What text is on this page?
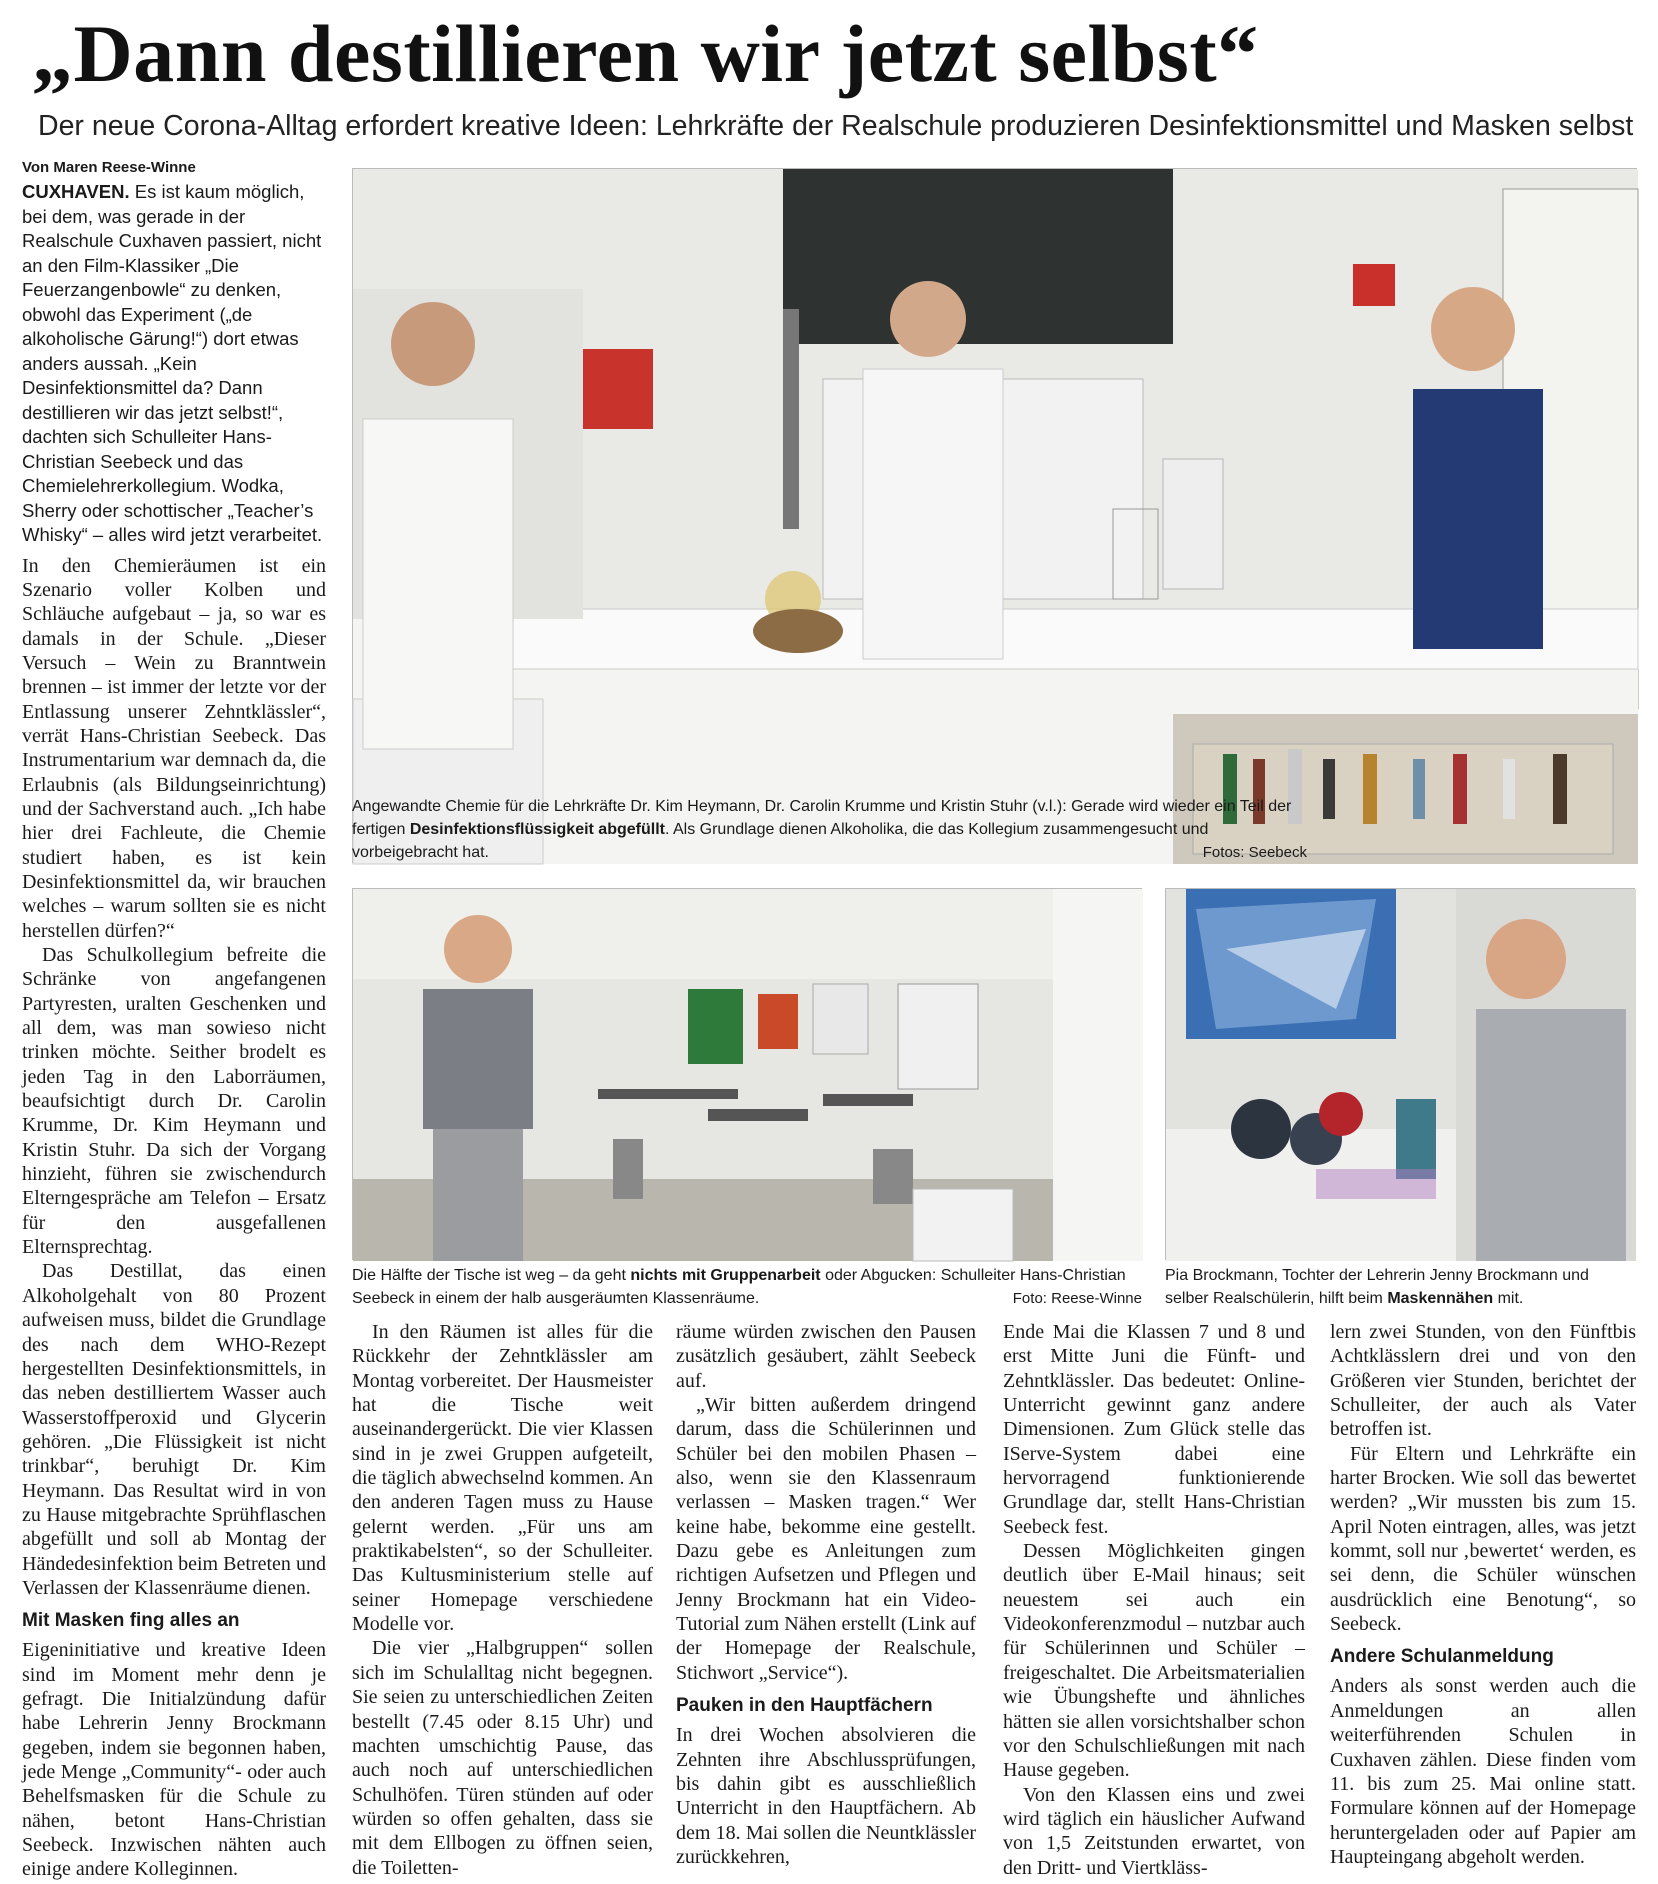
„Dann destillieren wir jetzt selbst“
Der neue Corona-Alltag erfordert kreative Ideen: Lehrkräfte der Realschule produzieren Desinfektionsmittel und Masken selbst
Von Maren Reese-Winne

CUXHAVEN. Es ist kaum möglich, bei dem, was gerade in der Realschule Cuxhaven passiert, nicht an den Film-Klassiker „Die Feuerzangenbowle“ zu denken, obwohl das Experiment („de alkoholische Gärung!“) dort etwas anders aussah. „Kein Desinfektionsmittel da? Dann destillieren wir das jetzt selbst!“, dachten sich Schulleiter Hans-Christian Seebeck und das Chemielehrerkollegium. Wodka, Sherry oder schottischer „Teacher’s Whisky“ – alles wird jetzt verarbeitet.

In den Chemieräumen ist ein Szenario voller Kolben und Schläuche aufgebaut – ja, so war es damals in der Schule. „Dieser Versuch – Wein zu Branntwein brennen – ist immer der letzte vor der Entlassung unserer Zehntklässler“, verrät Hans-Christian Seebeck. Das Instrumentarium war demnach da, die Erlaubnis (als Bildungseinrichtung) und der Sachverstand auch. „Ich habe hier drei Fachleute, die Chemie studiert haben, es ist kein Desinfektionsmittel da, wir brauchen welches – warum sollten sie es nicht herstellen dürfen?“

Das Schulkollegium befreite die Schränke von angefangenen Partyresten, uralten Geschenken und all dem, was man sowieso nicht trinken möchte. Seither brodelt es jeden Tag in den Laborräumen, beaufsichtigt durch Dr. Carolin Krumme, Dr. Kim Heymann und Kristin Stuhr. Da sich der Vorgang hinzieht, führen sie zwischendurch Elterngespräche am Telefon – Ersatz für den ausgefallenen Elternsprechtag.

Das Destillat, das einen Alkoholgehalt von 80 Prozent aufweisen muss, bildet die Grundlage des nach dem WHO-Rezept hergestellten Desinfektionsmittels, in das neben destilliertem Wasser auch Wasserstoffperoxid und Glycerin gehören. „Die Flüssigkeit ist nicht trinkbar“, beruhigt Dr. Kim Heymann. Das Resultat wird in von zu Hause mitgebrachte Sprühflaschen abgefüllt und soll ab Montag der Händedesinfektion beim Betreten und Verlassen der Klassenräume dienen.

Mit Masken fing alles an

Eigeninitiative und kreative Ideen sind im Moment mehr denn je gefragt. Die Initialzündung dafür habe Lehrerin Jenny Brockmann gegeben, indem sie begonnen haben, jede Menge „Community“- oder auch Behelfsmasken für die Schule zu nähen, betont Hans-Christian Seebeck. Inzwischen nähten auch einige andere Kolleginnen.

Angewandte Chemie für die Lehrkräfte Dr. Kim Heymann, Dr. Carolin Krumme und Kristin Stuhr (v.l.): Gerade wird wieder ein Teil der fertigen Desinfektionsflüssigkeit abgefüllt. Als Grundlage dienen Alkoholika, die das Kollegium zusammengesucht und vorbeigebracht hat.	Fotos: Seebeck
Die Hälfte der Tische ist weg – da geht nichts mit Gruppenarbeit oder Abgucken: Schulleiter Hans-Christian Seebeck in einem der halb ausgeräumten Klassenräume.	Foto: Reese-Winne
Pia Brockmann, Tochter der Lehrerin Jenny Brockmann und selber Realschülerin, hilft beim Maskennähen mit.

In den Räumen ist alles für die Rückkehr der Zehntklässler am Montag vorbereitet. Der Hausmeister hat die Tische weit auseinandergerückt. Die vier Klassen sind in je zwei Gruppen aufgeteilt, die täglich abwechselnd kommen. An den anderen Tagen muss zu Hause gelernt werden. „Für uns am praktikabelsten“, so der Schulleiter. Das Kultusministerium stelle auf seiner Homepage verschiedene Modelle vor.

Die vier „Halbgruppen“ sollen sich im Schulalltag nicht begegnen. Sie seien zu unterschiedlichen Zeiten bestellt (7.45 oder 8.15 Uhr) und machten umschichtig Pause, das auch noch auf unterschiedlichen Schulhöfen. Türen stünden auf oder würden so offen gehalten, dass sie mit dem Ellbogen zu öffnen seien, die Toiletten-

räume würden zwischen den Pausen zusätzlich gesäubert, zählt Seebeck auf.

„Wir bitten außerdem dringend darum, dass die Schülerinnen und Schüler bei den mobilen Phasen – also, wenn sie den Klassenraum verlassen – Masken tragen.“ Wer keine habe, bekomme eine gestellt. Dazu gebe es Anleitungen zum richtigen Aufsetzen und Pflegen und Jenny Brockmann hat ein Video-Tutorial zum Nähen erstellt (Link auf der Homepage der Realschule, Stichwort „Service“).

Pauken in den Hauptfächern

In drei Wochen absolvieren die Zehnten ihre Abschlussprüfungen, bis dahin gibt es ausschließlich Unterricht in den Hauptfächern. Ab dem 18. Mai sollen die Neuntklässler zurückkehren,

Ende Mai die Klassen 7 und 8 und erst Mitte Juni die Fünft- und Zehntklässler. Das bedeutet: Online-Unterricht gewinnt ganz andere Dimensionen. Zum Glück stelle das IServe-System dabei eine hervorragend funktionierende Grundlage dar, stellt Hans-Christian Seebeck fest.

Dessen Möglichkeiten gingen deutlich über E-Mail hinaus; seit neuestem sei auch ein Videokonferenzmodul – nutzbar auch für Schülerinnen und Schüler – freigeschaltet. Die Arbeitsmaterialien wie Übungshefte und ähnliches hätten sie allen vorsichtshalber schon vor den Schulschließungen mit nach Hause gegeben.

Von den Klassen eins und zwei wird täglich ein häuslicher Aufwand von 1,5 Zeitstunden erwartet, von den Dritt- und Viertkläss-

lern zwei Stunden, von den Fünftbis Achtklässlern drei und von den Größeren vier Stunden, berichtet der Schulleiter, der auch als Vater betroffen ist.

Für Eltern und Lehrkräfte ein harter Brocken. Wie soll das bewertet werden? „Wir mussten bis zum 15. April Noten eintragen, alles, was jetzt kommt, soll nur ‚bewertet‘ werden, es sei denn, die Schüler wünschen ausdrücklich eine Benotung“, so Seebeck.

Andere Schulanmeldung

Anders als sonst werden auch die Anmeldungen an allen weiterführenden Schulen in Cuxhaven zählen. Diese finden vom 11. bis zum 25. Mai online statt. Formulare können auf der Homepage heruntergeladen oder auf Papier am Haupteingang abgeholt werden.
